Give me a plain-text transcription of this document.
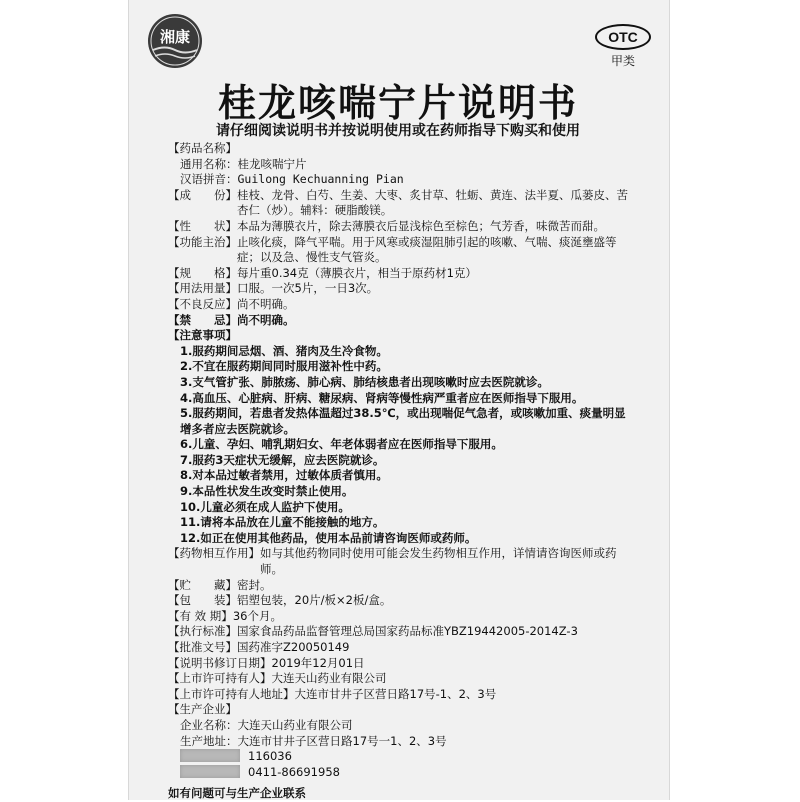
湘康	OTC
甲类
桂龙咳喘宁片说明书
请仔细阅读说明书并按说明使用或在药师指导下购买和使用
【药品名称】
通用名称： 桂龙咳喘宁片
汉语拼音： Guilong Kechuanning Pian
【成　　份】 桂枝、龙骨、白芍、生姜、大枣、炙甘草、牡蛎、黄连、法半夏、瓜蒌皮、苦杏仁（炒）。辅料：硬脂酸镁。
【性　　状】 本品为薄膜衣片，除去薄膜衣后显浅棕色至棕色；气芳香，味微苦而甜。
【功能主治】 止咳化痰，降气平喘。用于风寒或痰湿阻肺引起的咳嗽、气喘、痰涎壅盛等症；以及急、慢性支气管炎。
【规　　格】 每片重0.34克（薄膜衣片，相当于原药材1克）
【用法用量】 口服。一次5片，一日3次。
【不良反应】 尚不明确。
【禁　　忌】 尚不明确。
【注意事项】
1.服药期间忌烟、酒、猪肉及生冷食物。
2.不宜在服药期间同时服用滋补性中药。
3.支气管扩张、肺脓疡、肺心病、肺结核患者出现咳嗽时应去医院就诊。
4.高血压、心脏病、肝病、糖尿病、肾病等慢性病严重者应在医师指导下服用。
5.服药期间，若患者发热体温超过38.5℃，或出现喘促气急者，或咳嗽加重、痰量明显增多者应去医院就诊。
6.儿童、孕妇、哺乳期妇女、年老体弱者应在医师指导下服用。
7.服药3天症状无缓解，应去医院就诊。
8.对本品过敏者禁用，过敏体质者慎用。
9.本品性状发生改变时禁止使用。
10.儿童必须在成人监护下使用。
11.请将本品放在儿童不能接触的地方。
12.如正在使用其他药品，使用本品前请咨询医师或药师。
【药物相互作用】 如与其他药物同时使用可能会发生药物相互作用，详情请咨询医师或药师。
【贮　　藏】 密封。
【包　　装】 铝塑包装，20片/板×2板/盒。
【有 效 期】 36个月。
【执行标准】 国家食品药品监督管理总局国家药品标准YBZ19442005-2014Z-3
【批准文号】 国药准字Z20050149
【说明书修订日期】 2019年12月01日
【上市许可持有人】 大连天山药业有限公司
【上市许可持有人地址】 大连市甘井子区营日路17号-1、2、3号
【生产企业】
企业名称： 大连天山药业有限公司
生产地址： 大连市甘井子区营日路17号一1、2、3号
116036
0411-86691958
如有问题可与生产企业联系
